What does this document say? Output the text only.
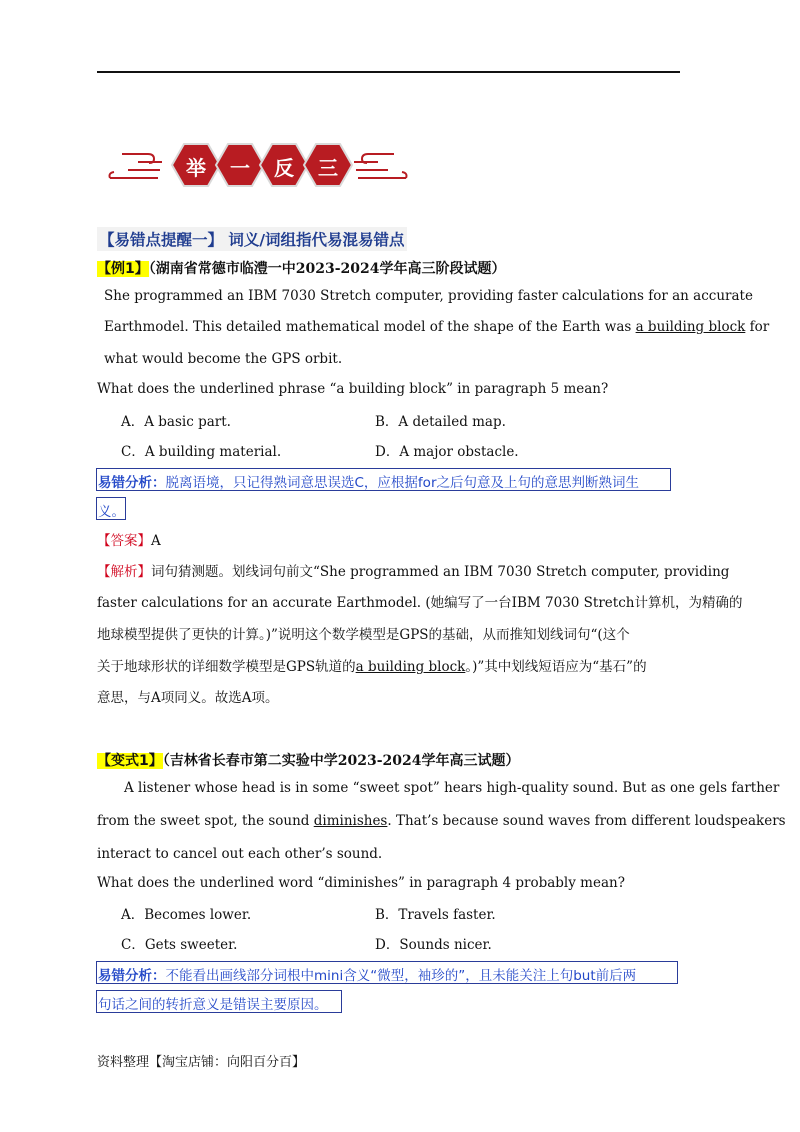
举	一	反	三
【易错点提醒一】 词义/词组指代易混易错点
【例1】（湖南省常德市临澧一中2023-2024学年高三阶段试题）
She programmed an IBM 7030 Stretch computer, providing faster calculations for an accurate
Earthmodel. This detailed mathematical model of the shape of the Earth was a building block for
what would become the GPS orbit.
What does the underlined phrase “a building block” in paragraph 5 mean?
A．A basic part.	B．A detailed map.
C．A building material.	D．A major obstacle.
易错分析：脱离语境，只记得熟词意思误选C，应根据for之后句意及上句的意思判断熟词生
义。
【答案】A
【解析】词句猜测题。划线词句前文“She programmed an IBM 7030 Stretch computer, providing
faster calculations for an accurate Earthmodel. (她编写了一台IBM 7030 Stretch计算机，为精确的
地球模型提供了更快的计算。)”说明这个数学模型是GPS的基础，从而推知划线词句“(这个
关于地球形状的详细数学模型是GPS轨道的a building block。)”其中划线短语应为“基石”的
意思，与A项同义。故选A项。
【变式1】（吉林省长春市第二实验中学2023-2024学年高三试题）
A listener whose head is in some “sweet spot” hears high-quality sound. But as one gels farther
from the sweet spot, the sound diminishes. That’s because sound waves from different loudspeakers
interact to cancel out each other’s sound.
What does the underlined word “diminishes” in paragraph 4 probably mean?
A．Becomes lower.	B．Travels faster.
C．Gets sweeter.	D．Sounds nicer.
易错分析：不能看出画线部分词根中mini含义“微型，袖珍的”，且未能关注上句but前后两
句话之间的转折意义是错误主要原因。
资料整理【淘宝店铺：向阳百分百】
